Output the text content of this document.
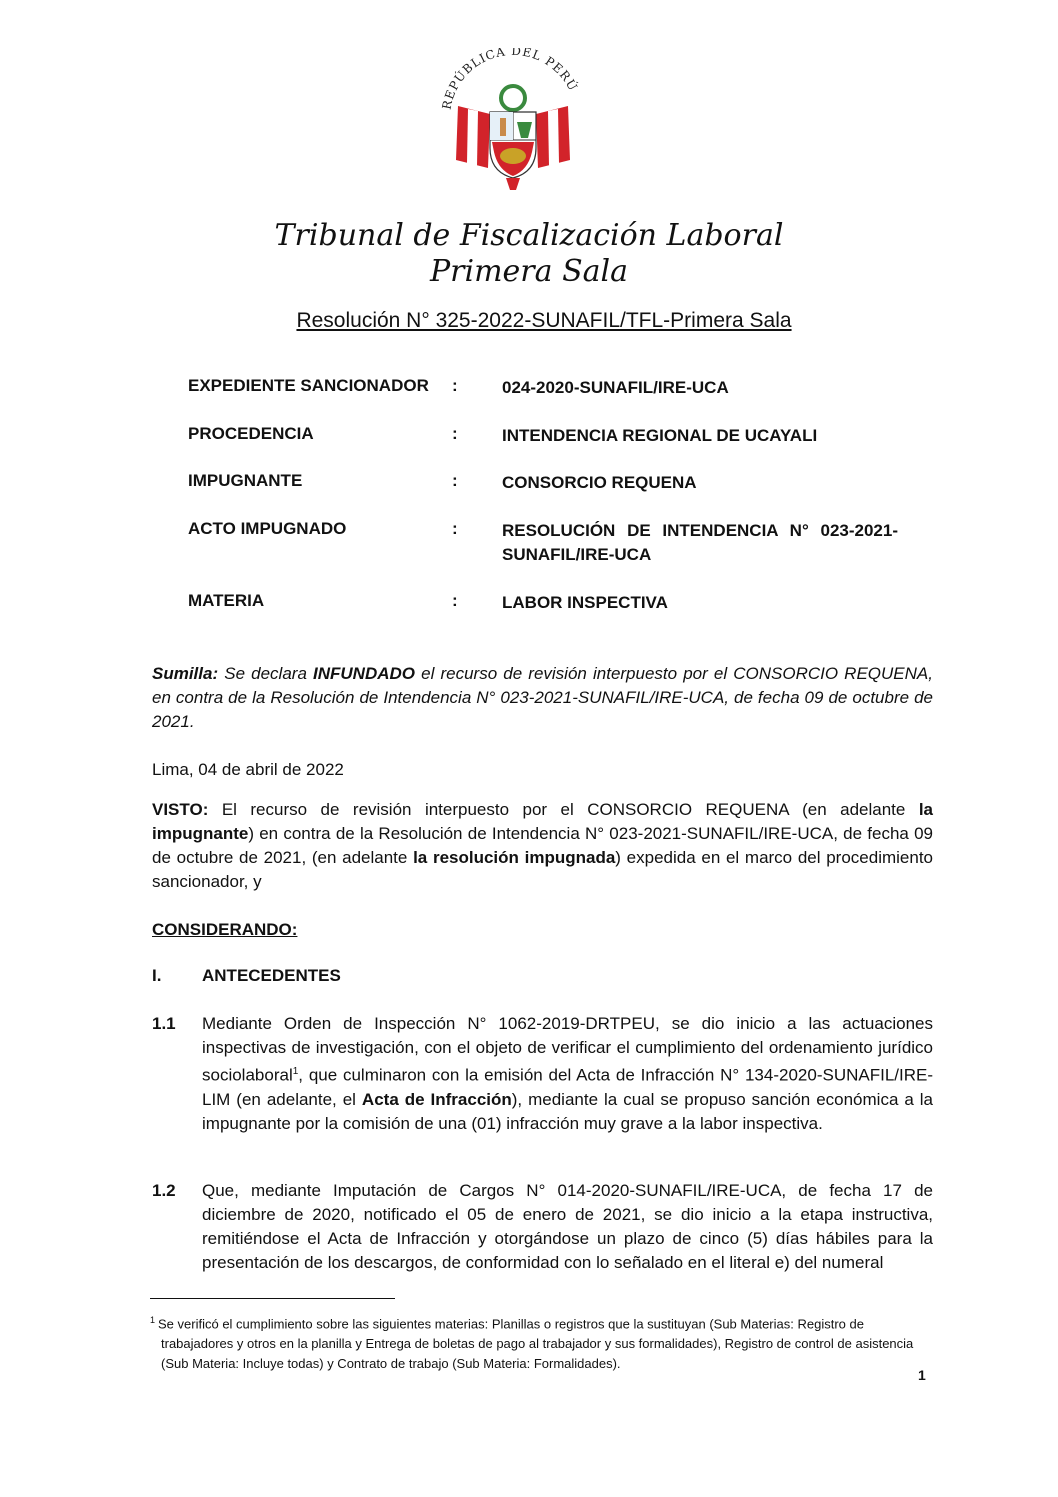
REPÚBLICA DEL PERÚ
Tribunal de Fiscalización Laboral
Primera Sala
Resolución N° 325-2022-SUNAFIL/TFL-Primera Sala
EXPEDIENTE SANCIONADOR :	024-2020-SUNAFIL/IRE-UCA
PROCEDENCIA	:	INTENDENCIA REGIONAL DE UCAYALI
IMPUGNANTE	:	CONSORCIO REQUENA
ACTO IMPUGNADO	:	RESOLUCIÓN DE INTENDENCIA N° 023-2021-SUNAFIL/IRE-UCA
MATERIA	:	LABOR INSPECTIVA
Sumilla: Se declara INFUNDADO el recurso de revisión interpuesto por el CONSORCIO REQUENA, en contra de la Resolución de Intendencia N° 023-2021-SUNAFIL/IRE-UCA, de fecha 09 de octubre de 2021.
Lima, 04 de abril de 2022
VISTO: El recurso de revisión interpuesto por el CONSORCIO REQUENA (en adelante la impugnante) en contra de la Resolución de Intendencia N° 023-2021-SUNAFIL/IRE-UCA, de fecha 09 de octubre de 2021, (en adelante la resolución impugnada) expedida en el marco del procedimiento sancionador, y
CONSIDERANDO:
I. ANTECEDENTES
1.1 Mediante Orden de Inspección N° 1062-2019-DRTPEU, se dio inicio a las actuaciones inspectivas de investigación, con el objeto de verificar el cumplimiento del ordenamiento jurídico sociolaboral$^1$, que culminaron con la emisión del Acta de Infracción N° 134-2020-SUNAFIL/IRE-LIM (en adelante, el Acta de Infracción), mediante la cual se propuso sanción económica a la impugnante por la comisión de una (01) infracción muy grave a la labor inspectiva.
1.2 Que, mediante Imputación de Cargos N° 014-2020-SUNAFIL/IRE-UCA, de fecha 17 de diciembre de 2020, notificado el 05 de enero de 2021, se dio inicio a la etapa instructiva, remitiéndose el Acta de Infracción y otorgándose un plazo de cinco (5) días hábiles para la presentación de los descargos, de conformidad con lo señalado en el literal e) del numeral
$^1$ Se verificó el cumplimiento sobre las siguientes materias: Planillas o registros que la sustituyan (Sub Materias: Registro de trabajadores y otros en la planilla y Entrega de boletas de pago al trabajador y sus formalidades), Registro de control de asistencia (Sub Materia: Incluye todas) y Contrato de trabajo (Sub Materia: Formalidades).
1
